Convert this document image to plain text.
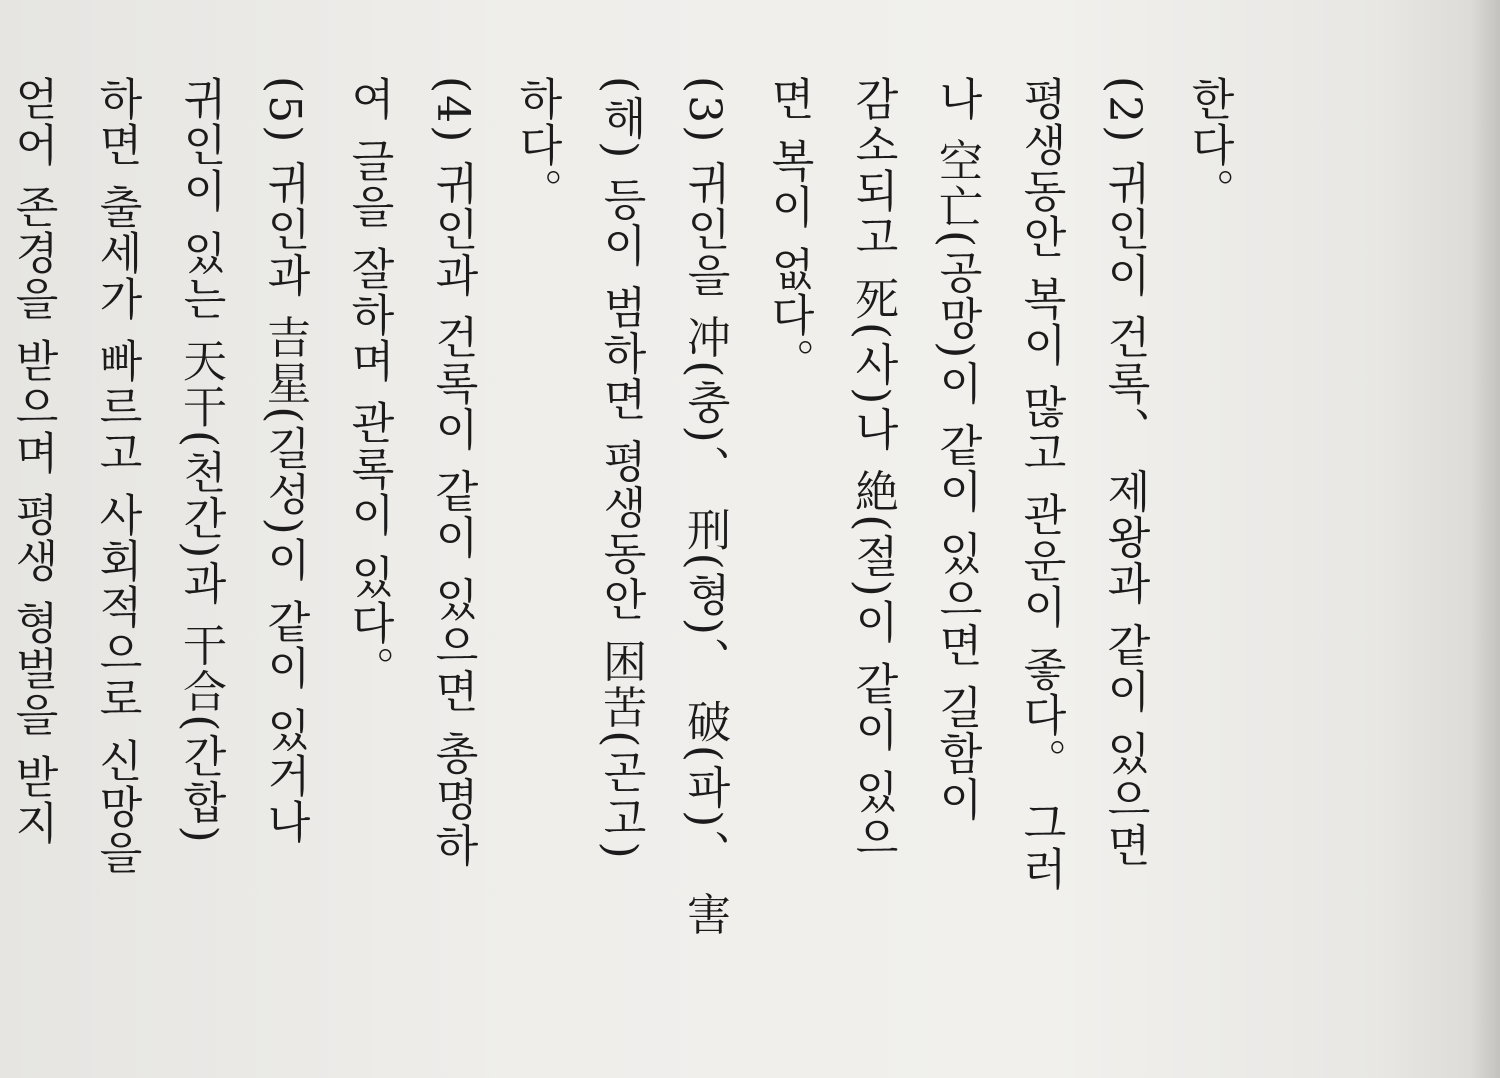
한다。
(2) 귀인이 건록、 제왕과 같이 있으면
평생동안 복이 많고 관운이 좋다。 그러
나 空亡(공망)이 같이 있으면 길함이
감소되고 死(사)나 絶(절)이 같이 있으
면 복이 없다。
(3) 귀인을 冲(충)、 刑(형)、 破(파)、 害
(해) 등이 범하면 평생동안 困苦(곤고)
하다。
(4) 귀인과 건록이 같이 있으면 총명하
여 글을 잘하며 관록이 있다。
(5) 귀인과 吉星(길성)이 같이 있거나
귀인이 있는 天干(천간)과 干合(간합)
하면 출세가 빠르고 사회적으로 신망을
얻어 존경을 받으며 평생 형벌을 받지
